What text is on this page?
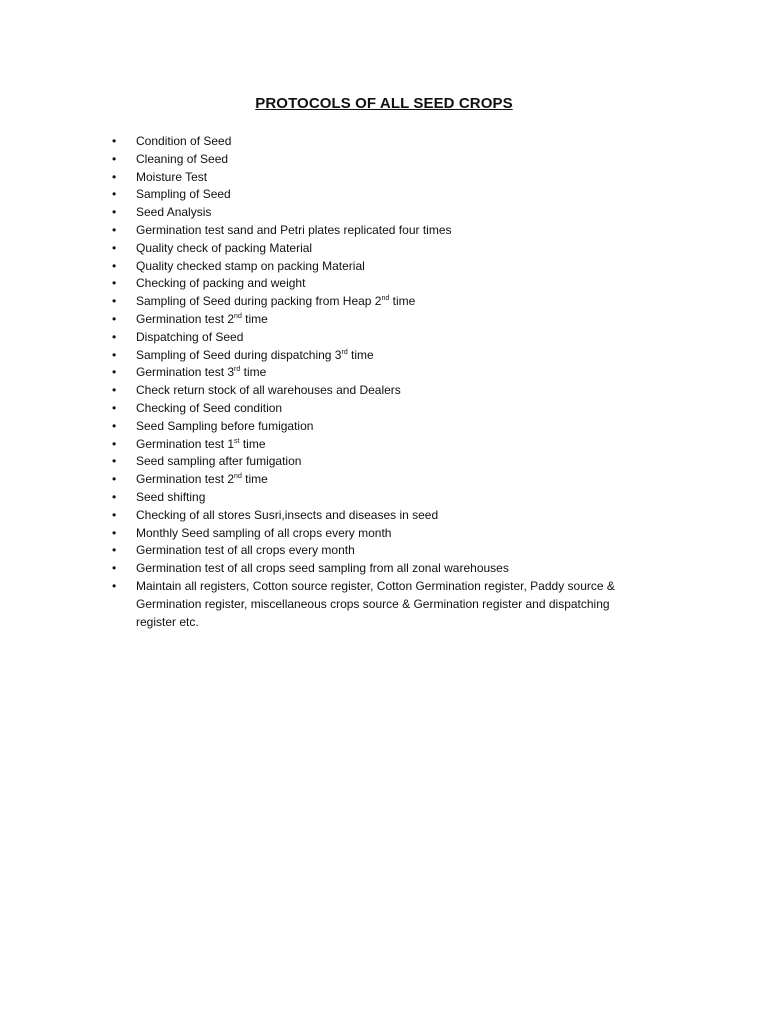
PROTOCOLS OF ALL SEED CROPS
•	Condition of Seed
•	Cleaning of Seed
•	Moisture Test
•	Sampling of Seed
•	Seed Analysis
•	Germination test sand and Petri plates replicated four times
•	Quality check of packing Material
•	Quality checked stamp on packing Material
•	Checking of packing and weight
•	Sampling of Seed during packing from Heap 2nd time
•	Germination test 2nd time
•	Dispatching of Seed
•	Sampling of Seed during dispatching 3rd time
•	Germination test 3rd time
•	Check return stock of all warehouses and Dealers
•	Checking of Seed condition
•	Seed Sampling before fumigation
•	Germination test 1st time
•	Seed sampling after fumigation
•	Germination test 2nd time
•	Seed shifting
•	Checking of all stores Susri,insects and diseases in seed
•	Monthly Seed sampling of all crops every month
•	Germination test of all crops every month
•	Germination test of all crops seed sampling from all zonal warehouses
•	Maintain all registers, Cotton source register, Cotton Germination register, Paddy source & Germination register, miscellaneous crops source & Germination register and dispatching register etc.
